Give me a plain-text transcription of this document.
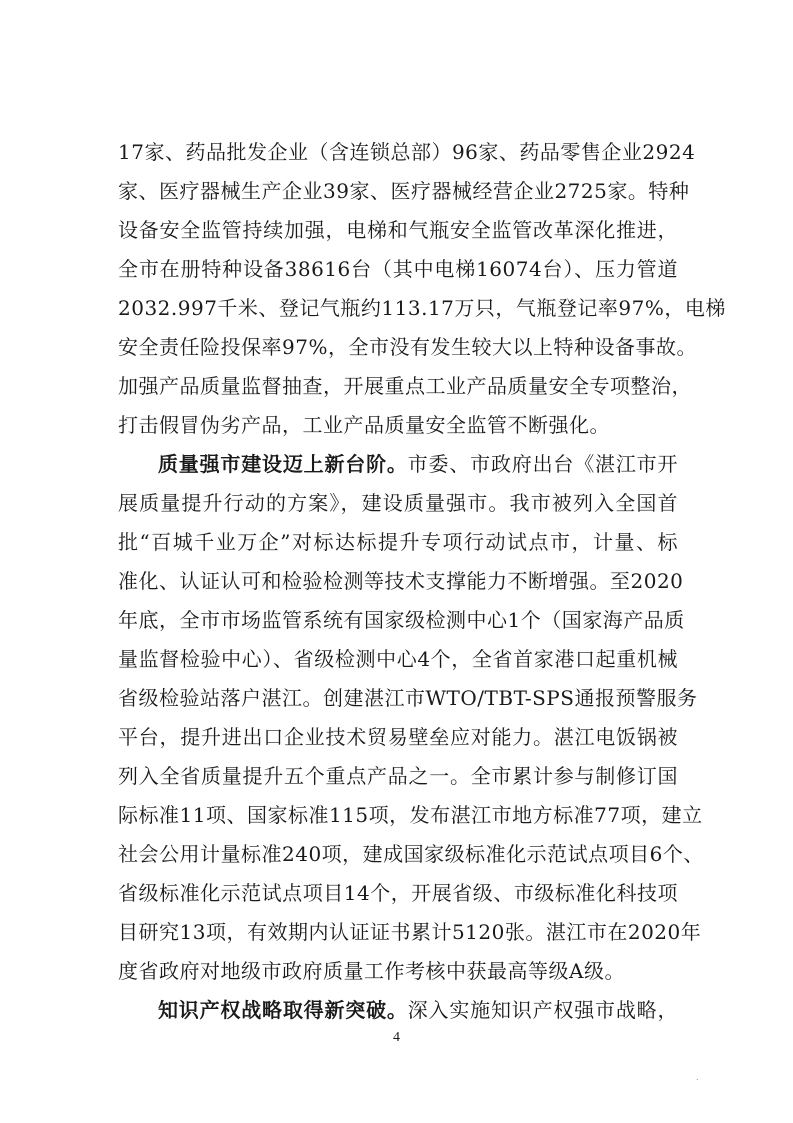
17家、药品批发企业（含连锁总部）96家、药品零售企业2924
家、医疗器械生产企业39家、医疗器械经营企业2725家。特种
设备安全监管持续加强，电梯和气瓶安全监管改革深化推进，
全市在册特种设备38616台（其中电梯16074台）、压力管道
2032.997千米、登记气瓶约113.17万只，气瓶登记率97%，电梯
安全责任险投保率97%，全市没有发生较大以上特种设备事故。
加强产品质量监督抽查，开展重点工业产品质量安全专项整治，
打击假冒伪劣产品，工业产品质量安全监管不断强化。
质量强市建设迈上新台阶。市委、市政府出台《湛江市开
展质量提升行动的方案》，建设质量强市。我市被列入全国首
批“百城千业万企”对标达标提升专项行动试点市，计量、标
准化、认证认可和检验检测等技术支撑能力不断增强。至2020
年底，全市市场监管系统有国家级检测中心1个（国家海产品质
量监督检验中心）、省级检测中心4个，全省首家港口起重机械
省级检验站落户湛江。创建湛江市WTO/TBT-SPS通报预警服务
平台，提升进出口企业技术贸易壁垒应对能力。湛江电饭锅被
列入全省质量提升五个重点产品之一。全市累计参与制修订国
际标准11项、国家标准115项，发布湛江市地方标准77项，建立
社会公用计量标准240项，建成国家级标准化示范试点项目6个、
省级标准化示范试点项目14个，开展省级、市级标准化科技项
目研究13项，有效期内认证证书累计5120张。湛江市在2020年
度省政府对地级市政府质量工作考核中获最高等级A级。
知识产权战略取得新突破。深入实施知识产权强市战略，
4
.
